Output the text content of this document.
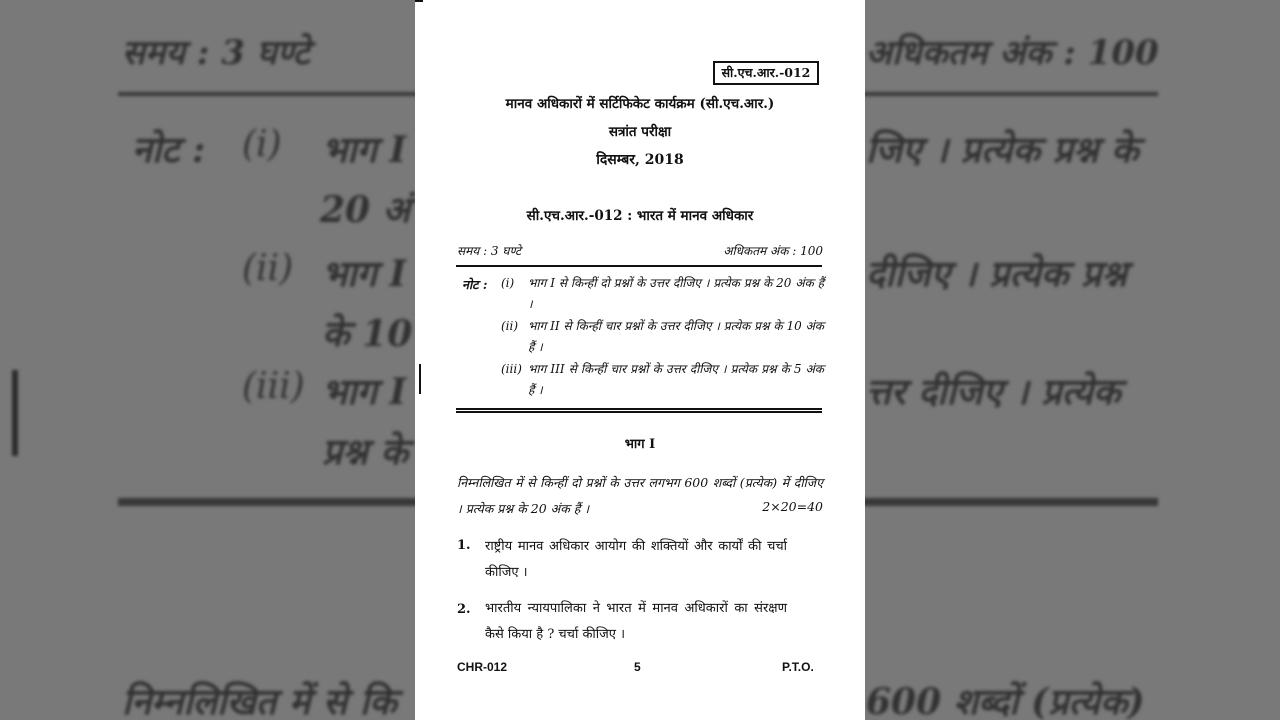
समय : 3 घण्टे	अधिकतम अंक : 100
नोट : (i) भाग I	जिए । प्रत्येक प्रश्न के
20 अं
(ii) भाग I	दीजिए । प्रत्येक प्रश्न
के 10
(iii) भाग I	त्तर दीजिए । प्रत्येक
प्रश्न के
निम्नलिखित में से कि	600 शब्दों (प्रत्येक)
सी.एच.आर.-012
मानव अधिकारों में सर्टिफिकेट कार्यक्रम (सी.एच.आर.)
सत्रांत परीक्षा
दिसम्बर, 2018
सी.एच.आर.-012 : भारत में मानव अधिकार
समय : 3 घण्टे	अधिकतम अंक : 100
नोट : (i) भाग I से किन्हीं दो प्रश्नों के उत्तर दीजिए । प्रत्येक प्रश्न के 20 अंक हैं ।
(ii) भाग II से किन्हीं चार प्रश्नों के उत्तर दीजिए । प्रत्येक प्रश्न के 10 अंक हैं ।
(iii) भाग III से किन्हीं चार प्रश्नों के उत्तर दीजिए । प्रत्येक प्रश्न के 5 अंक हैं ।
भाग I
निम्नलिखित में से किन्हीं दो प्रश्नों के उत्तर लगभग 600 शब्दों (प्रत्येक) में दीजिए । प्रत्येक प्रश्न के 20 अंक हैं ।	2×20=40
1. राष्ट्रीय मानव अधिकार आयोग की शक्तियों और कार्यों की चर्चा कीजिए ।
2. भारतीय न्यायपालिका ने भारत में मानव अधिकारों का संरक्षण कैसे किया है ? चर्चा कीजिए ।
CHR-012	5	P.T.O.
